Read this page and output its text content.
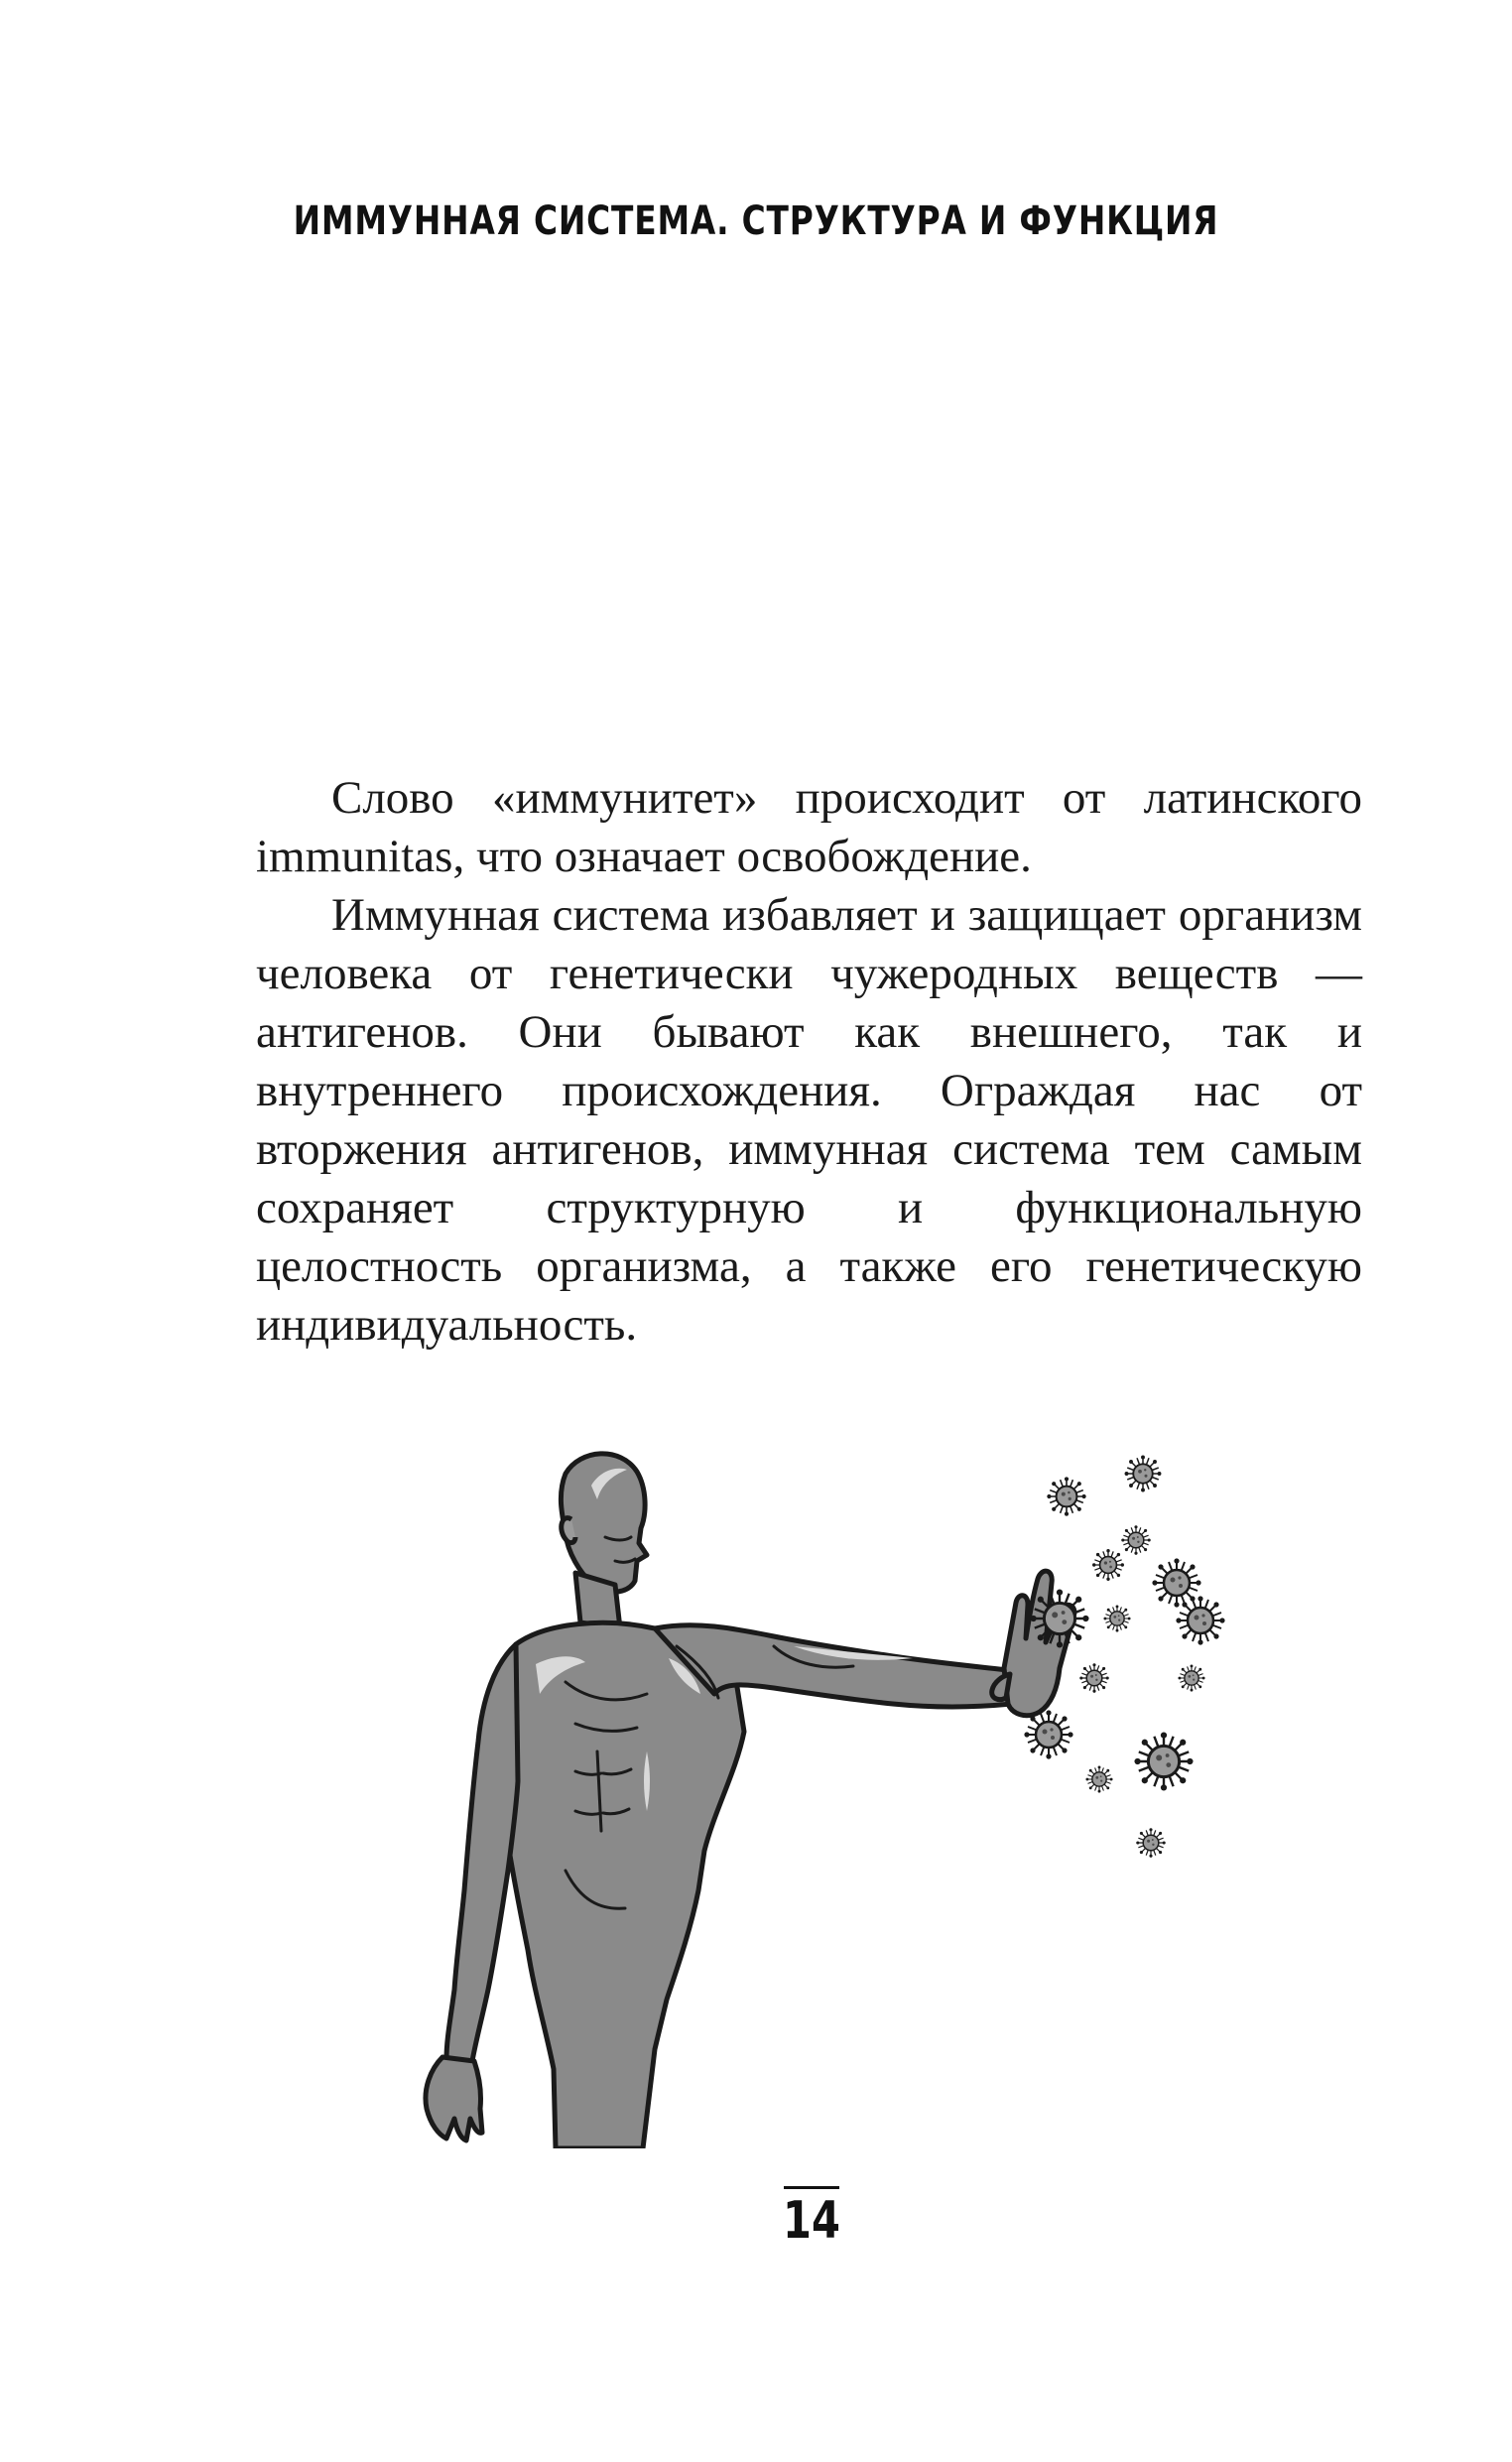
ИММУННАЯ СИСТЕМА. СТРУКТУРА И ФУНКЦИЯ

Слово «иммунитет» происходит от латинского immunitas, что означает освобождение.

Иммунная система избавляет и защищает организм человека от генетически чужеродных веществ — антигенов. Они бывают как внешнего, так и внутреннего происхождения. Ограждая нас от вторжения антигенов, иммунная система тем самым сохраняет структурную и функциональную целостность организма, а также его генетическую индивидуальность.

14
